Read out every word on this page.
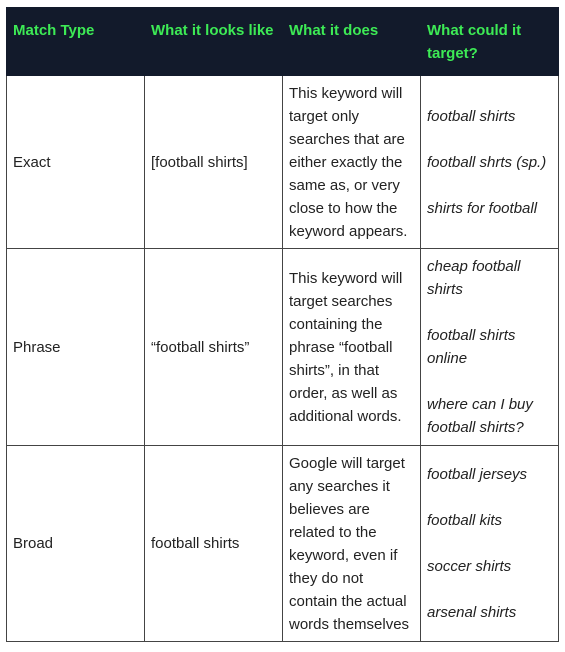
Match Type	What it looks like	What it does	What could it target?
Exact	[football shirts]	This keyword will target only searches that are either exactly the same as, or very close to how the keyword appears.	football shirts
football shrts (sp.)
shirts for football

Phrase	“football shirts”	This keyword will target searches containing the phrase “football shirts”, in that order, as well as additional words.	cheap football shirts
football shirts online
where can I buy football shirts?

Broad	football shirts	Google will target any searches it believes are related to the keyword, even if they do not contain the actual words themselves	football jerseys
football kits
soccer shirts
arsenal shirts
